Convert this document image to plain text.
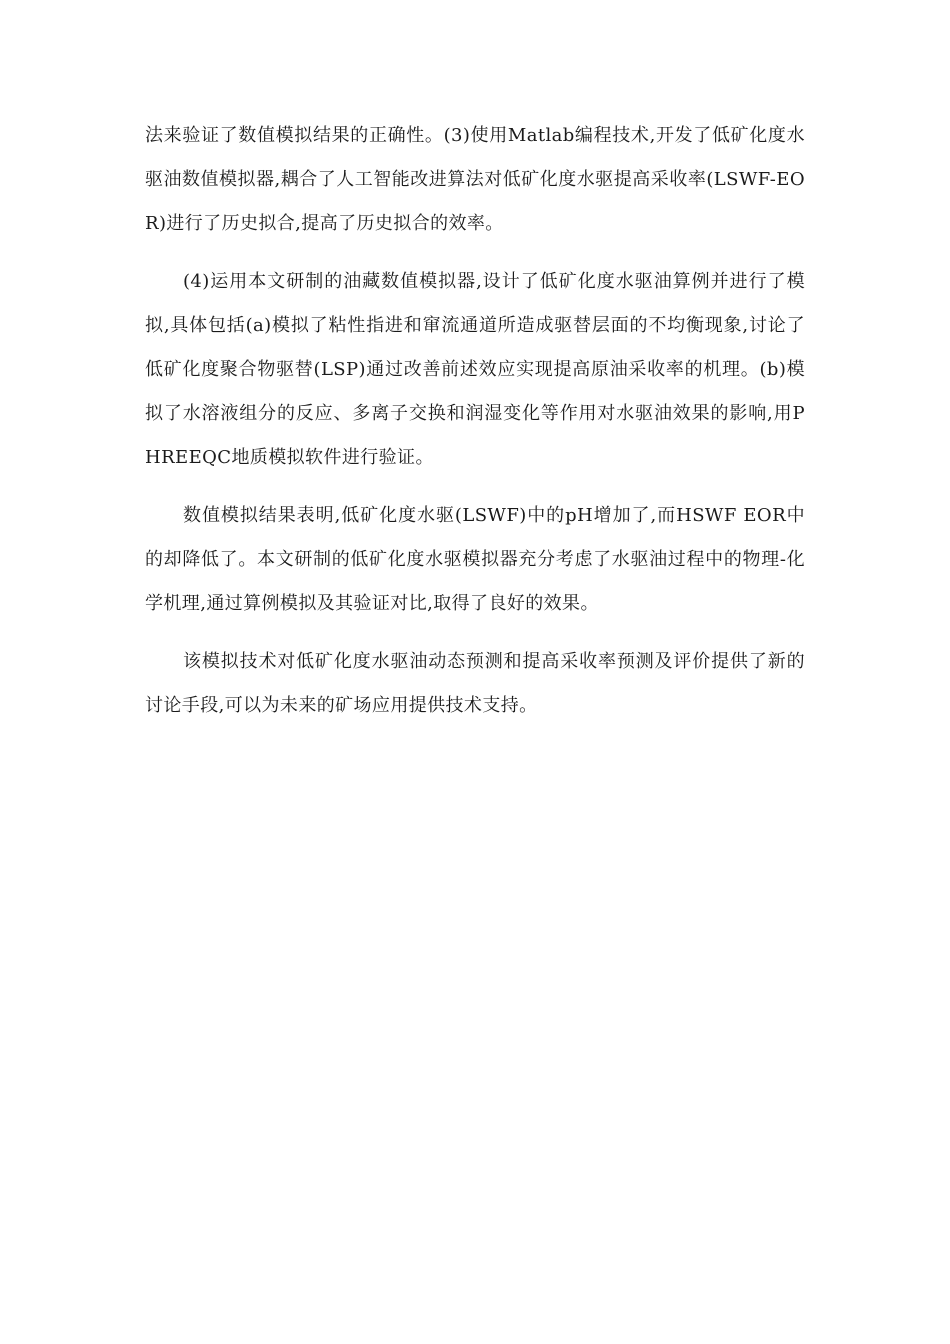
法来验证了数值模拟结果的正确性。(3)使用Matlab编程技术,开发了低矿化度水驱油数值模拟器,耦合了人工智能改进算法对低矿化度水驱提高采收率(LSWF-EOR)进行了历史拟合,提高了历史拟合的效率。

(4)运用本文研制的油藏数值模拟器,设计了低矿化度水驱油算例并进行了模拟,具体包括(a)模拟了粘性指进和窜流通道所造成驱替层面的不均衡现象,讨论了低矿化度聚合物驱替(LSP)通过改善前述效应实现提高原油采收率的机理。(b)模拟了水溶液组分的反应、多离子交换和润湿变化等作用对水驱油效果的影响,用PHREEQC地质模拟软件进行验证。

数值模拟结果表明,低矿化度水驱(LSWF)中的pH增加了,而HSWF EOR中的却降低了。本文研制的低矿化度水驱模拟器充分考虑了水驱油过程中的物理-化学机理,通过算例模拟及其验证对比,取得了良好的效果。

该模拟技术对低矿化度水驱油动态预测和提高采收率预测及评价提供了新的讨论手段,可以为未来的矿场应用提供技术支持。
